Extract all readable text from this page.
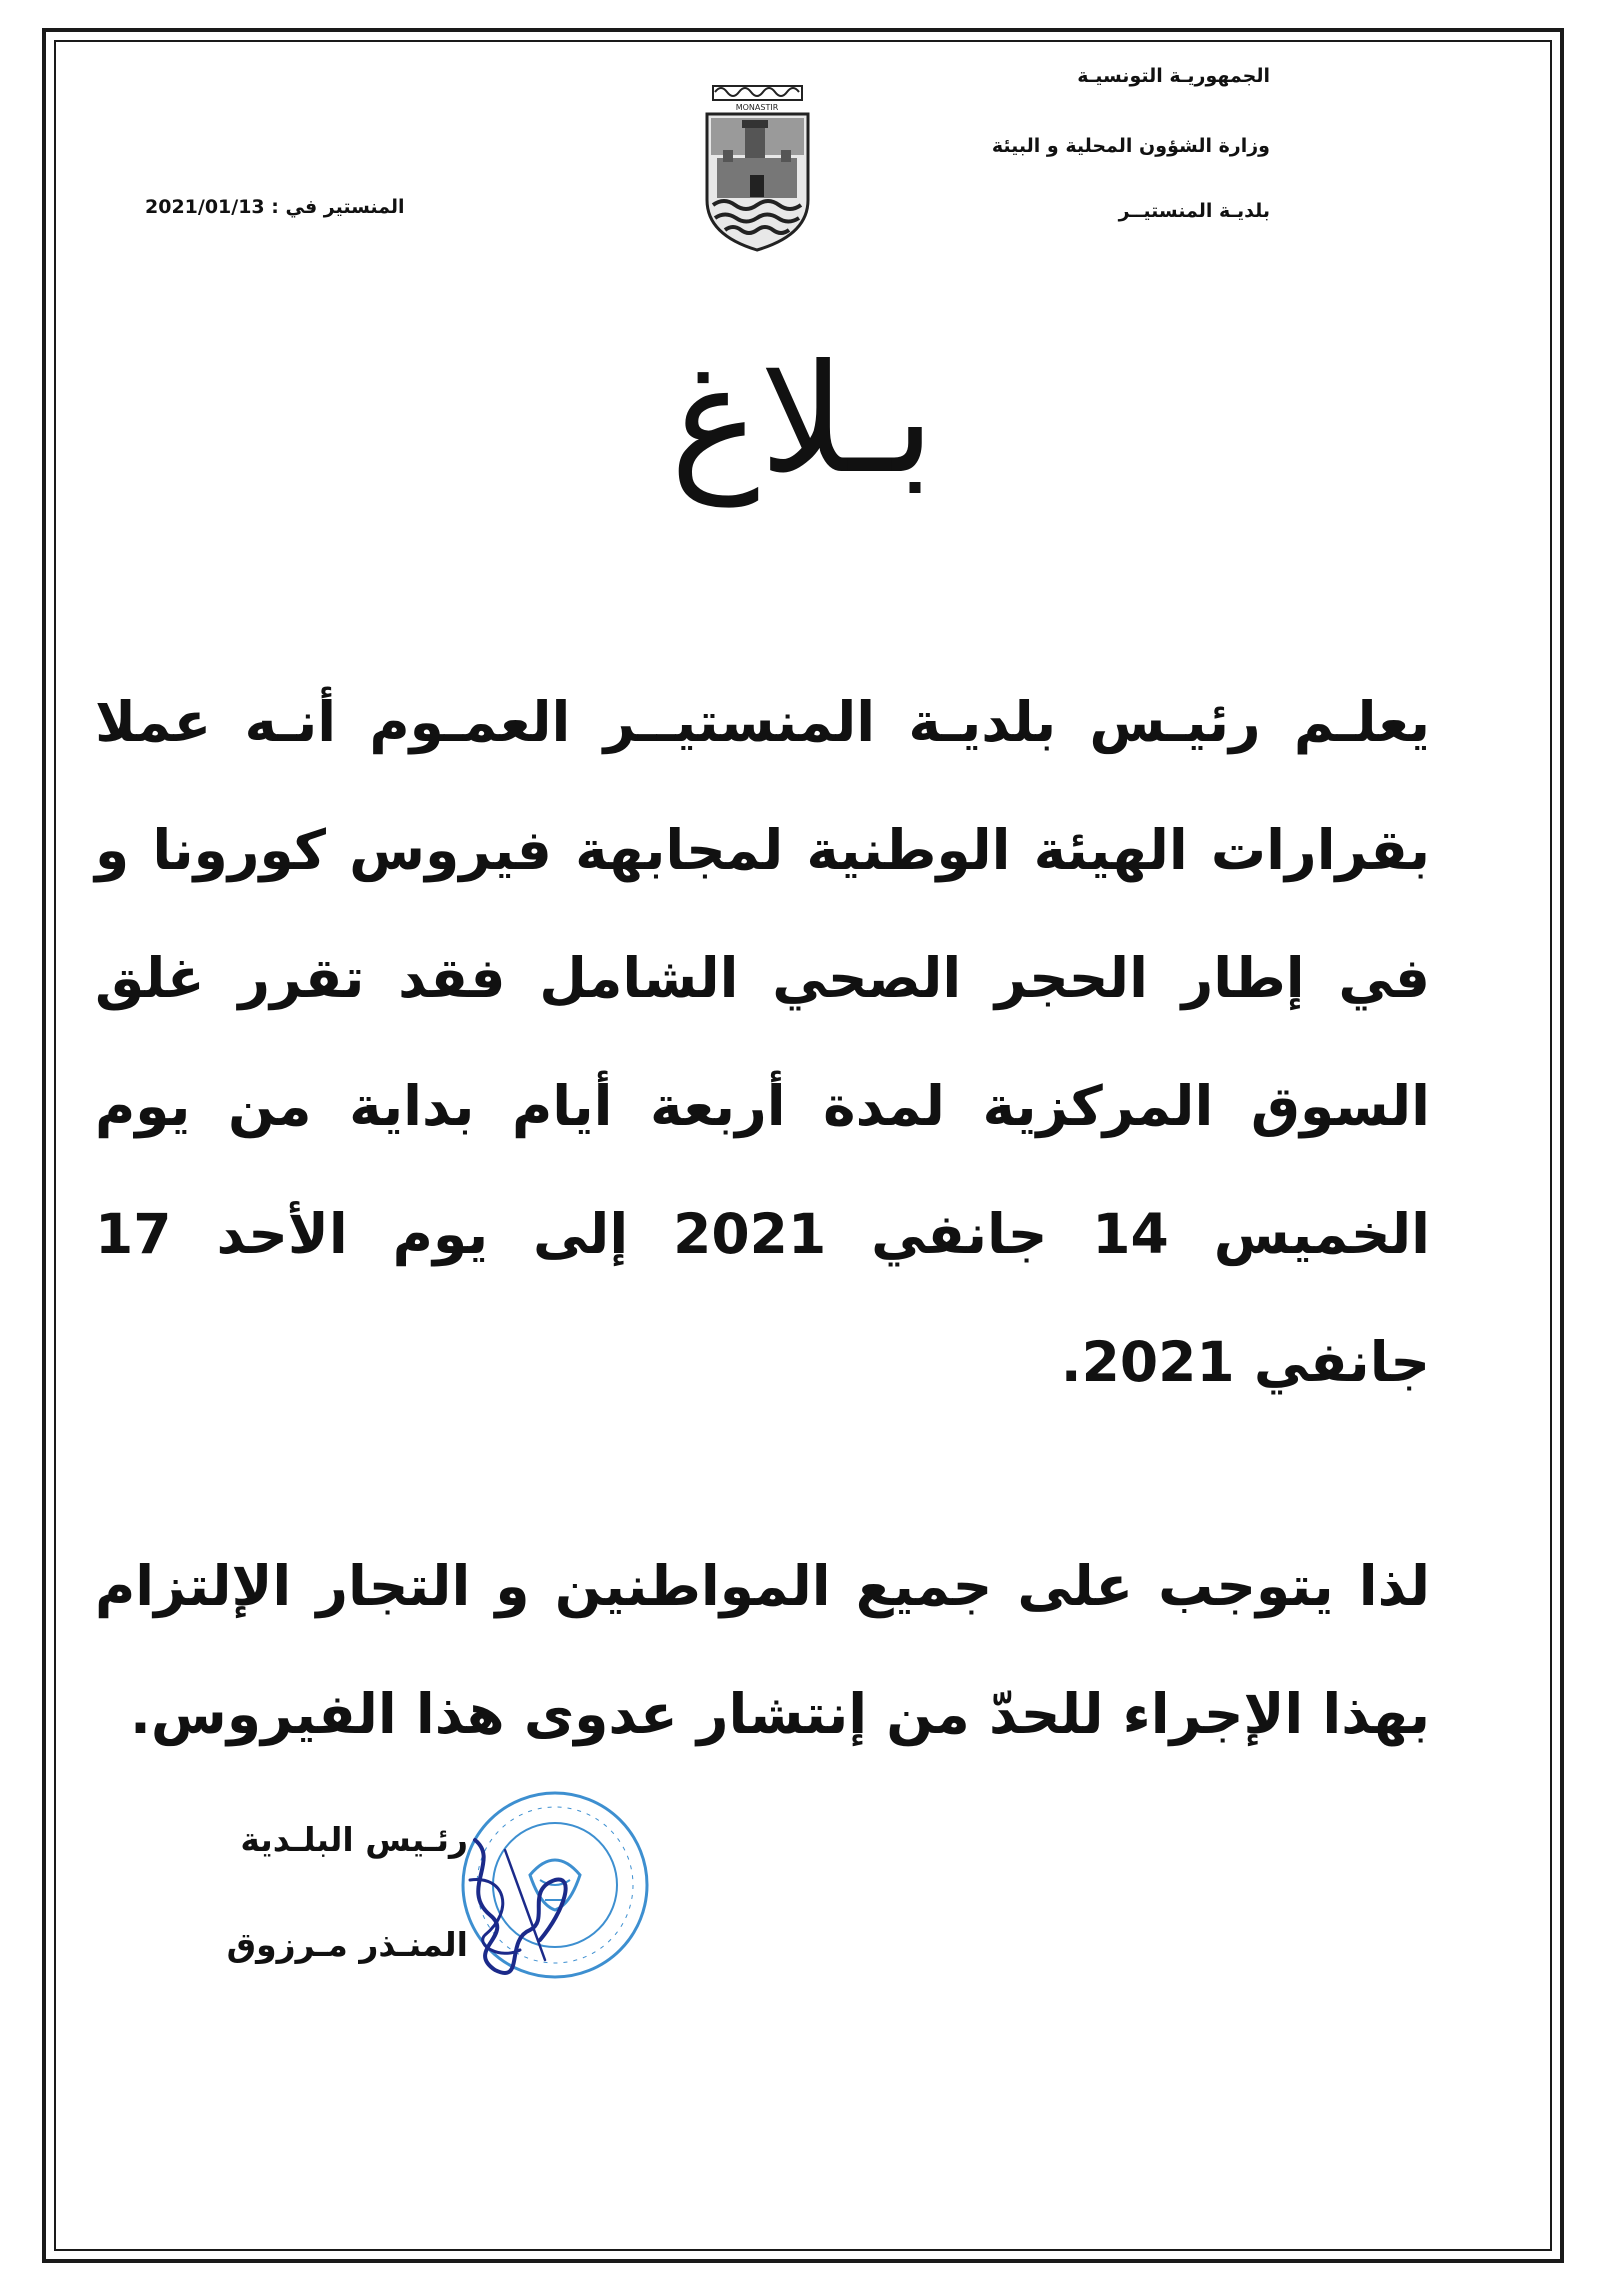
الجمهوريـة التونسيـة
وزارة الشؤون المحلية و البيئة
بلديـة المنستيــر
المنستير في : 2021/01/13
MONASTIR
بـلاغ

يعلـم رئيـس بلديـة المنستيــر العمـوم أنـه عملا بقرارات الهيئة الوطنية لمجابهة فيروس كورونا و في إطار الحجر الصحي الشامل فقد تقرر غلق السوق المركزية لمدة أربعة أيام بداية من يوم الخميس 14 جانفي 2021 إلى يوم الأحد 17 جانفي 2021.

لذا يتوجب على جميع المواطنين و التجار الإلتزام بهذا الإجراء للحدّ من إنتشار عدوى هذا الفيروس.

رئـيس البلـدية
المنـذر مـرزوق
